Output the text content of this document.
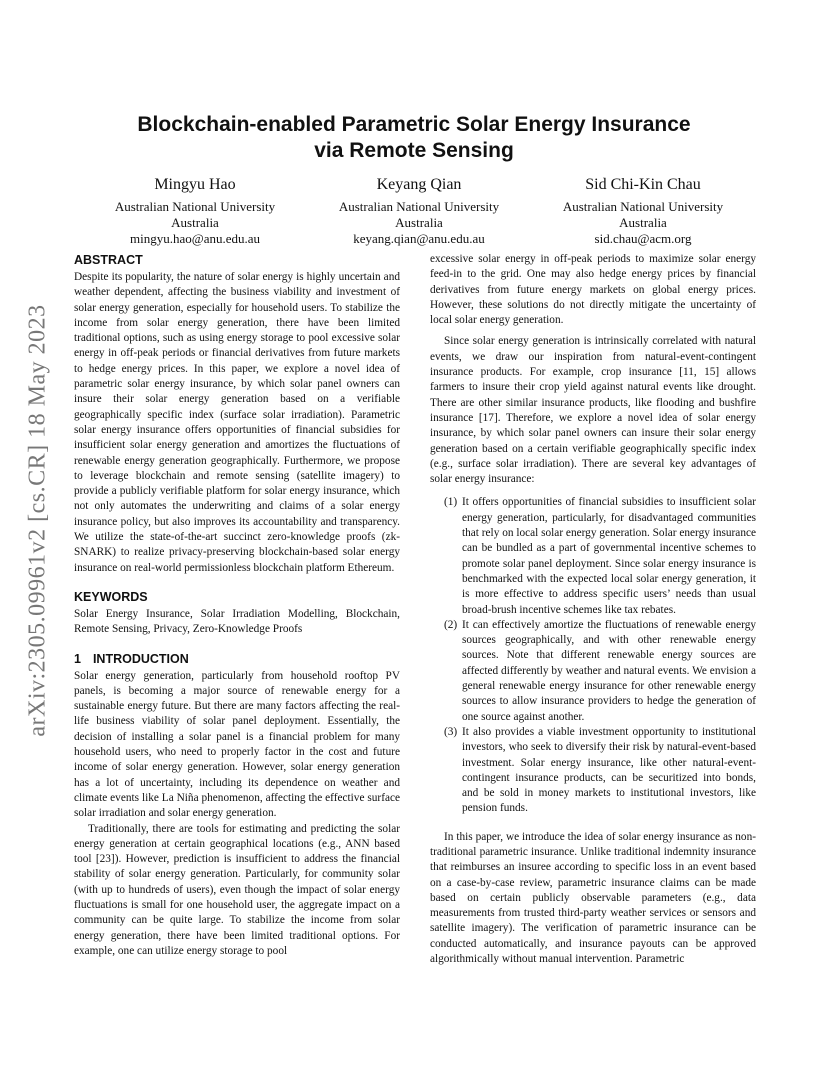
arXiv:2305.09961v2 [cs.CR] 18 May 2023
Blockchain-enabled Parametric Solar Energy Insurance
via Remote Sensing
Mingyu Hao
Australian National University
Australia
mingyu.hao@anu.edu.au
Keyang Qian
Australian National University
Australia
keyang.qian@anu.edu.au
Sid Chi-Kin Chau
Australian National University
Australia
sid.chau@acm.org
ABSTRACT

Despite its popularity, the nature of solar energy is highly uncertain and weather dependent, affecting the business viability and investment of solar energy generation, especially for household users. To stabilize the income from solar energy generation, there have been limited traditional options, such as using energy storage to pool excessive solar energy in off-peak periods or financial derivatives from future markets to hedge energy prices. In this paper, we explore a novel idea of parametric solar energy insurance, by which solar panel owners can insure their solar energy generation based on a verifiable geographically specific index (surface solar irradiation). Parametric solar energy insurance offers opportunities of financial subsidies for insufficient solar energy generation and amortizes the fluctuations of renewable energy generation geographically. Furthermore, we propose to leverage blockchain and remote sensing (satellite imagery) to provide a publicly verifiable platform for solar energy insurance, which not only automates the underwriting and claims of a solar energy insurance policy, but also improves its accountability and transparency. We utilize the state-of-the-art succinct zero-knowledge proofs (zk-SNARK) to realize privacy-preserving blockchain-based solar energy insurance on real-world permissionless blockchain platform Ethereum.

KEYWORDS

Solar Energy Insurance, Solar Irradiation Modelling, Blockchain, Remote Sensing, Privacy, Zero-Knowledge Proofs

1 INTRODUCTION

Solar energy generation, particularly from household rooftop PV panels, is becoming a major source of renewable energy for a sustainable energy future. But there are many factors affecting the real-life business viability of solar panel deployment. Essentially, the decision of installing a solar panel is a financial problem for many household users, who need to properly factor in the cost and future income of solar energy generation. However, solar energy generation has a lot of uncertainty, including its dependence on weather and climate events like La Niña phenomenon, affecting the effective surface solar irradiation and solar energy generation.

Traditionally, there are tools for estimating and predicting the solar energy generation at certain geographical locations (e.g., ANN based tool [23]). However, prediction is insufficient to address the financial stability of solar energy generation. Particularly, for community solar (with up to hundreds of users), even though the impact of solar energy fluctuations is small for one household user, the aggregate impact on a community can be quite large. To stabilize the income from solar energy generation, there have been limited traditional options. For example, one can utilize energy storage to pool

excessive solar energy in off-peak periods to maximize solar energy feed-in to the grid. One may also hedge energy prices by financial derivatives from future energy markets on global energy prices. However, these solutions do not directly mitigate the uncertainty of local solar energy generation.

Since solar energy generation is intrinsically correlated with natural events, we draw our inspiration from natural-event-contingent insurance products. For example, crop insurance [11, 15] allows farmers to insure their crop yield against natural events like drought. There are other similar insurance products, like flooding and bushfire insurance [17]. Therefore, we explore a novel idea of solar energy insurance, by which solar panel owners can insure their solar energy generation based on a certain verifiable geographically specific index (e.g., surface solar irradiation). There are several key advantages of solar energy insurance:

(1) It offers opportunities of financial subsidies to insufficient solar energy generation, particularly, for disadvantaged communities that rely on local solar energy generation. Solar energy insurance can be bundled as a part of governmental incentive schemes to promote solar panel deployment. Since solar energy insurance is benchmarked with the expected local solar energy generation, it is more effective to address specific users’ needs than usual broad-brush incentive schemes like tax rebates.
(2) It can effectively amortize the fluctuations of renewable energy sources geographically, and with other renewable energy sources. Note that different renewable energy sources are affected differently by weather and natural events. We envision a general renewable energy insurance for other renewable energy sources to allow insurance providers to hedge the generation of one source against another.
(3) It also provides a viable investment opportunity to institutional investors, who seek to diversify their risk by natural-event-based investment. Solar energy insurance, like other natural-event-contingent insurance products, can be securitized into bonds, and be sold in money markets to institutional investors, like pension funds.

In this paper, we introduce the idea of solar energy insurance as non-traditional parametric insurance. Unlike traditional indemnity insurance that reimburses an insuree according to specific loss in an event based on a case-by-case review, parametric insurance claims can be made based on certain publicly observable parameters (e.g., data measurements from trusted third-party weather services or sensors and satellite imagery). The verification of parametric insurance can be conducted automatically, and insurance payouts can be approved algorithmically without manual intervention. Parametric
